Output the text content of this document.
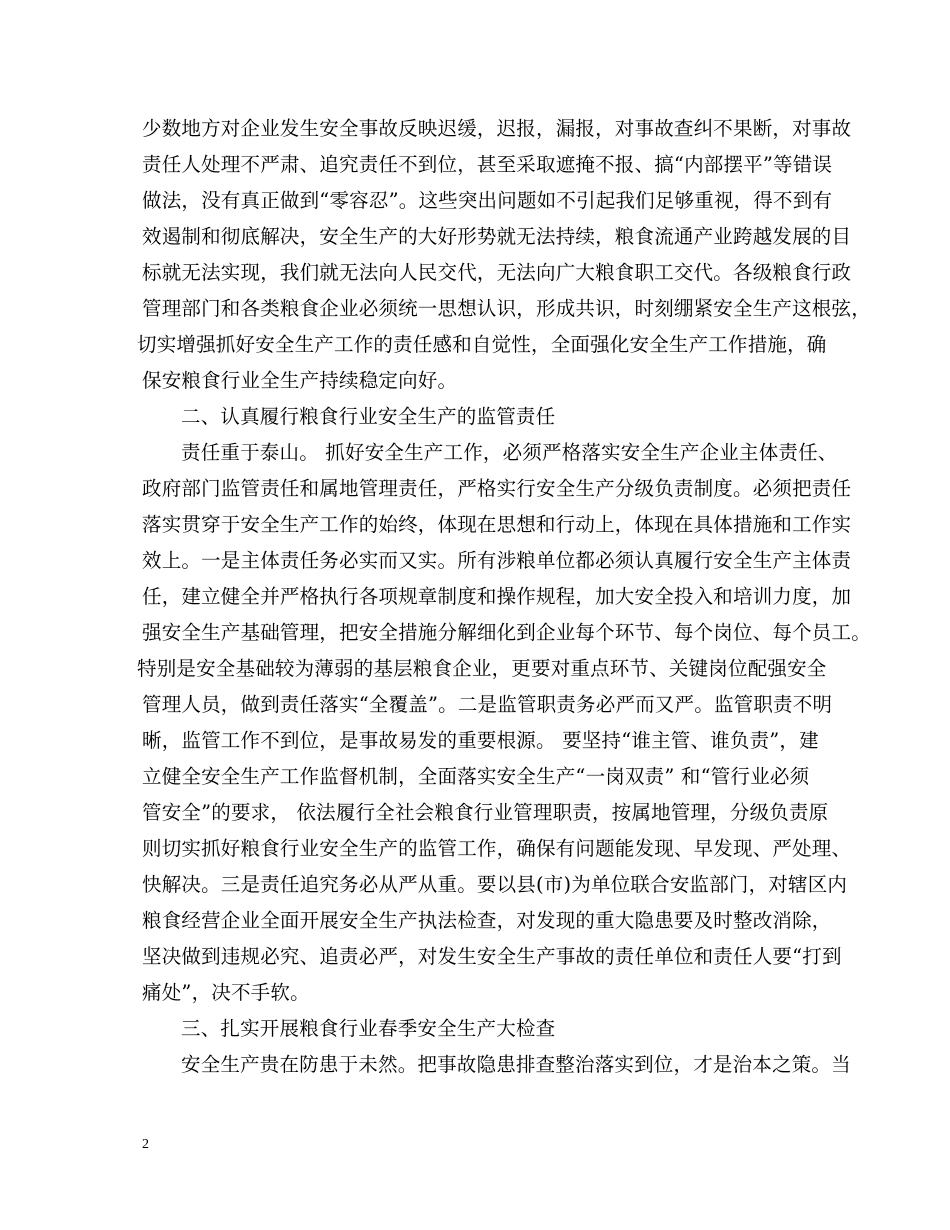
少数地方对企业发生安全事故反映迟缓，迟报，漏报，对事故查纠不果断，对事故
责任人处理不严肃、追究责任不到位，甚至采取遮掩不报、搞“内部摆平”等错误
做法，没有真正做到“零容忍”。这些突出问题如不引起我们足够重视，得不到有
效遏制和彻底解决，安全生产的大好形势就无法持续，粮食流通产业跨越发展的目
标就无法实现，我们就无法向人民交代，无法向广大粮食职工交代。各级粮食行政
管理部门和各类粮食企业必须统一思想认识，形成共识，时刻绷紧安全生产这根弦，
切实增强抓好安全生产工作的责任感和自觉性，全面强化安全生产工作措施，确
保安粮食行业全生产持续稳定向好。
二、认真履行粮食行业安全生产的监管责任
责任重于泰山。 抓好安全生产工作，必须严格落实安全生产企业主体责任、
政府部门监管责任和属地管理责任，严格实行安全生产分级负责制度。必须把责任
落实贯穿于安全生产工作的始终，体现在思想和行动上，体现在具体措施和工作实
效上。一是主体责任务必实而又实。所有涉粮单位都必须认真履行安全生产主体责
任，建立健全并严格执行各项规章制度和操作规程，加大安全投入和培训力度，加
强安全生产基础管理，把安全措施分解细化到企业每个环节、每个岗位、每个员工。
特别是安全基础较为薄弱的基层粮食企业，更要对重点环节、关键岗位配强安全
管理人员，做到责任落实“全覆盖”。二是监管职责务必严而又严。监管职责不明
晰，监管工作不到位，是事故易发的重要根源。 要坚持“谁主管、谁负责”，建
立健全安全生产工作监督机制，全面落实安全生产“一岗双责” 和“管行业必须
管安全”的要求， 依法履行全社会粮食行业管理职责，按属地管理，分级负责原
则切实抓好粮食行业安全生产的监管工作，确保有问题能发现、早发现、严处理、
快解决。三是责任追究务必从严从重。要以县(市)为单位联合安监部门，对辖区内
粮食经营企业全面开展安全生产执法检查，对发现的重大隐患要及时整改消除，
坚决做到违规必究、追责必严，对发生安全生产事故的责任单位和责任人要“打到
痛处”，决不手软。
三、扎实开展粮食行业春季安全生产大检查
安全生产贵在防患于未然。把事故隐患排查整治落实到位，才是治本之策。当
2
